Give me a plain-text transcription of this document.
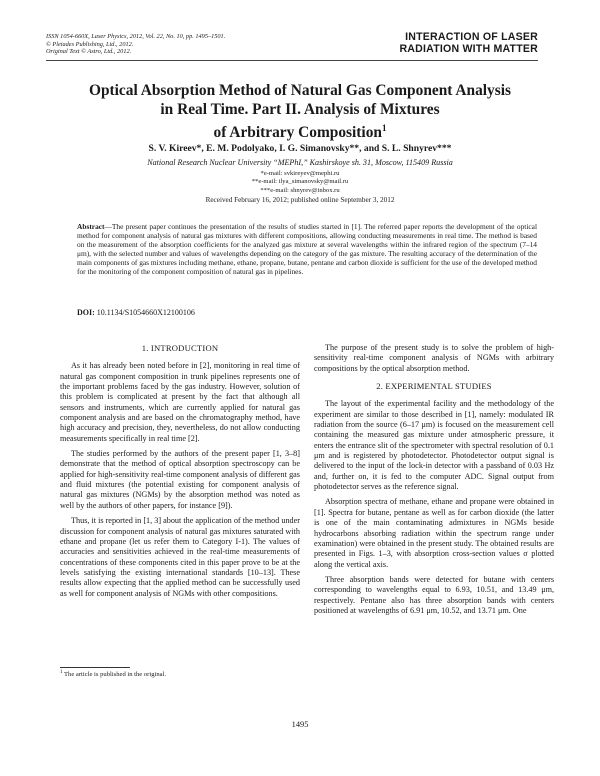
ISSN 1054-660X, Laser Physics, 2012, Vol. 22, No. 10, pp. 1495–1501.
© Pleiades Publishing, Ltd., 2012.
Original Text © Astro, Ltd., 2012.
INTERACTION OF LASER
RADIATION WITH MATTER
Optical Absorption Method of Natural Gas Component Analysis
in Real Time. Part II. Analysis of Mixtures
of Arbitrary Composition$^1$
S. V. Kireev*, E. M. Podolyako, I. G. Simanovsky**, and S. L. Shnyrev***
National Research Nuclear University “MEPhI,” Kashirskoye sh. 31, Moscow, 115409 Russia
*e-mail: svkireyev@mephi.ru
**e-mail: ilya_simanovsky@mail.ru
***e-mail: shnyrev@inbox.ru
Received February 16, 2012; published online September 3, 2012
Abstract—The present paper continues the presentation of the results of studies started in [1]. The referred paper reports the development of the optical method for component analysis of natural gas mixtures with different compositions, allowing conducting measurements in real time. The method is based on the measurement of the absorption coefficients for the analyzed gas mixture at several wavelengths within the infrared region of the spectrum (7–14 μm), with the selected number and values of wavelengths depending on the category of the gas mixture. The resulting accuracy of the determination of the main components of gas mixtures including methane, ethane, propane, butane, pentane and carbon dioxide is sufficient for the use of the developed method for the monitoring of the component composition of natural gas in pipelines.
DOI: 10.1134/S1054660X12100106
1. INTRODUCTION

As it has already been noted before in [2], monitoring in real time of natural gas component composition in trunk pipelines represents one of the important problems faced by the gas industry. However, solution of this problem is complicated at present by the fact that although all sensors and instruments, which are currently applied for natural gas component analysis and are based on the chromatography method, have high accuracy and precision, they, nevertheless, do not allow conducting measurements specifically in real time [2].

The studies performed by the authors of the present paper [1, 3–8] demonstrate that the method of optical absorption spectroscopy can be applied for high-sensitivity real-time component analysis of different gas and fluid mixtures (the potential existing for component analysis of natural gas mixtures (NGMs) by the absorption method was noted as well by the authors of other papers, for instance [9]).

Thus, it is reported in [1, 3] about the application of the method under discussion for component analysis of natural gas mixtures saturated with ethane and propane (let us refer them to Category I-1). The values of accuracies and sensitivities achieved in the real-time measurements of concentrations of these components cited in this paper prove to be at the levels satisfying the existing international standards [10–13]. These results allow expecting that the applied method can be successfully used as well for component analysis of NGMs with other compositions.

The purpose of the present study is to solve the problem of high-sensitivity real-time component analysis of NGMs with arbitrary compositions by the optical absorption method.

2. EXPERIMENTAL STUDIES

The layout of the experimental facility and the methodology of the experiment are similar to those described in [1], namely: modulated IR radiation from the source (6–17 μm) is focused on the measurement cell containing the measured gas mixture under atmospheric pressure, it enters the entrance slit of the spectrometer with spectral resolution of 0.1 μm and is registered by photodetector. Photodetector output signal is delivered to the input of the lock-in detector with a passband of 0.03 Hz and, further on, it is fed to the computer ADC. Signal output from photodetector serves as the reference signal.

Absorption spectra of methane, ethane and propane were obtained in [1]. Spectra for butane, pentane as well as for carbon dioxide (the latter is one of the main contaminating admixtures in NGMs beside hydrocarbons absorbing radiation within the spectrum range under examination) were obtained in the present study. The obtained results are presented in Figs. 1–3, with absorption cross-section values σ plotted along the vertical axis.

Three absorption bands were detected for butane with centers corresponding to wavelengths equal to 6.93, 10.51, and 13.49 μm, respectively. Pentane also has three absorption bands with centers positioned at wavelengths of 6.91 μm, 10.52, and 13.71 μm. One

$^1$ The article is published in the original.
1495
